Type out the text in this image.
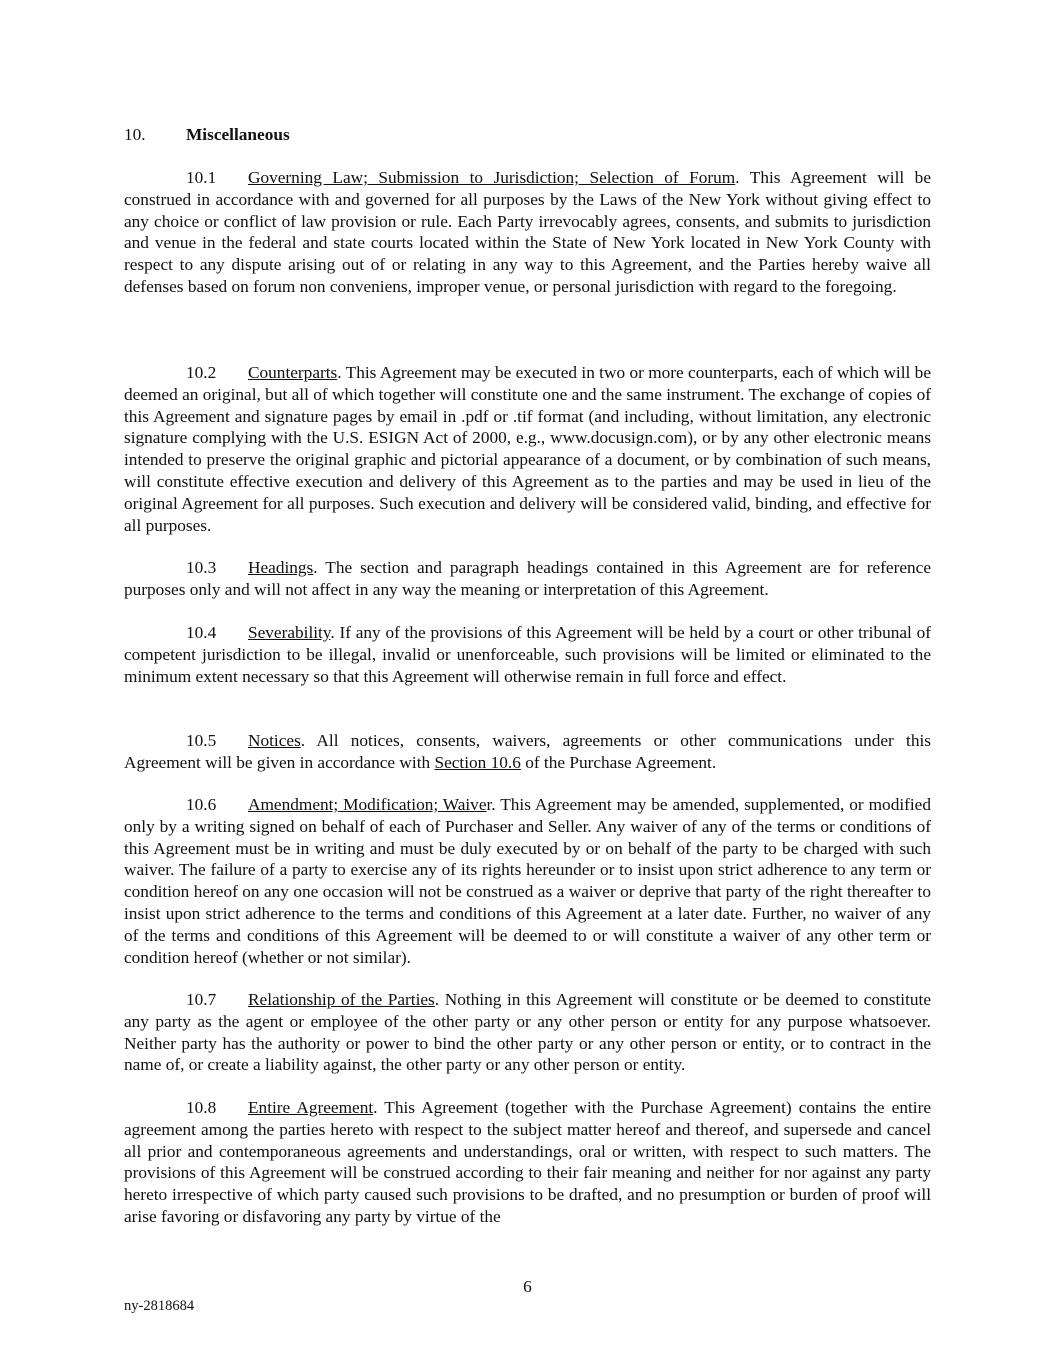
10. Miscellaneous

10.1 Governing Law; Submission to Jurisdiction; Selection of Forum. This Agreement will be construed in accordance with and governed for all purposes by the Laws of the New York without giving effect to any choice or conflict of law provision or rule. Each Party irrevocably agrees, consents, and submits to jurisdiction and venue in the federal and state courts located within the State of New York located in New York County with respect to any dispute arising out of or relating in any way to this Agreement, and the Parties hereby waive all defenses based on forum non conveniens, improper venue, or personal jurisdiction with regard to the foregoing.

10.2 Counterparts. This Agreement may be executed in two or more counterparts, each of which will be deemed an original, but all of which together will constitute one and the same instrument. The exchange of copies of this Agreement and signature pages by email in .pdf or .tif format (and including, without limitation, any electronic signature complying with the U.S. ESIGN Act of 2000, e.g., www.docusign.com), or by any other electronic means intended to preserve the original graphic and pictorial appearance of a document, or by combination of such means, will constitute effective execution and delivery of this Agreement as to the parties and may be used in lieu of the original Agreement for all purposes. Such execution and delivery will be considered valid, binding, and effective for all purposes.

10.3 Headings. The section and paragraph headings contained in this Agreement are for reference purposes only and will not affect in any way the meaning or interpretation of this Agreement.

10.4 Severability. If any of the provisions of this Agreement will be held by a court or other tribunal of competent jurisdiction to be illegal, invalid or unenforceable, such provisions will be limited or eliminated to the minimum extent necessary so that this Agreement will otherwise remain in full force and effect.

10.5 Notices. All notices, consents, waivers, agreements or other communications under this Agreement will be given in accordance with Section 10.6 of the Purchase Agreement.

10.6 Amendment; Modification; Waiver. This Agreement may be amended, supplemented, or modified only by a writing signed on behalf of each of Purchaser and Seller. Any waiver of any of the terms or conditions of this Agreement must be in writing and must be duly executed by or on behalf of the party to be charged with such waiver. The failure of a party to exercise any of its rights hereunder or to insist upon strict adherence to any term or condition hereof on any one occasion will not be construed as a waiver or deprive that party of the right thereafter to insist upon strict adherence to the terms and conditions of this Agreement at a later date. Further, no waiver of any of the terms and conditions of this Agreement will be deemed to or will constitute a waiver of any other term or condition hereof (whether or not similar).

10.7 Relationship of the Parties. Nothing in this Agreement will constitute or be deemed to constitute any party as the agent or employee of the other party or any other person or entity for any purpose whatsoever. Neither party has the authority or power to bind the other party or any other person or entity, or to contract in the name of, or create a liability against, the other party or any other person or entity.

10.8 Entire Agreement. This Agreement (together with the Purchase Agreement) contains the entire agreement among the parties hereto with respect to the subject matter hereof and thereof, and supersede and cancel all prior and contemporaneous agreements and understandings, oral or written, with respect to such matters. The provisions of this Agreement will be construed according to their fair meaning and neither for nor against any party hereto irrespective of which party caused such provisions to be drafted, and no presumption or burden of proof will arise favoring or disfavoring any party by virtue of the

6
ny-2818684
